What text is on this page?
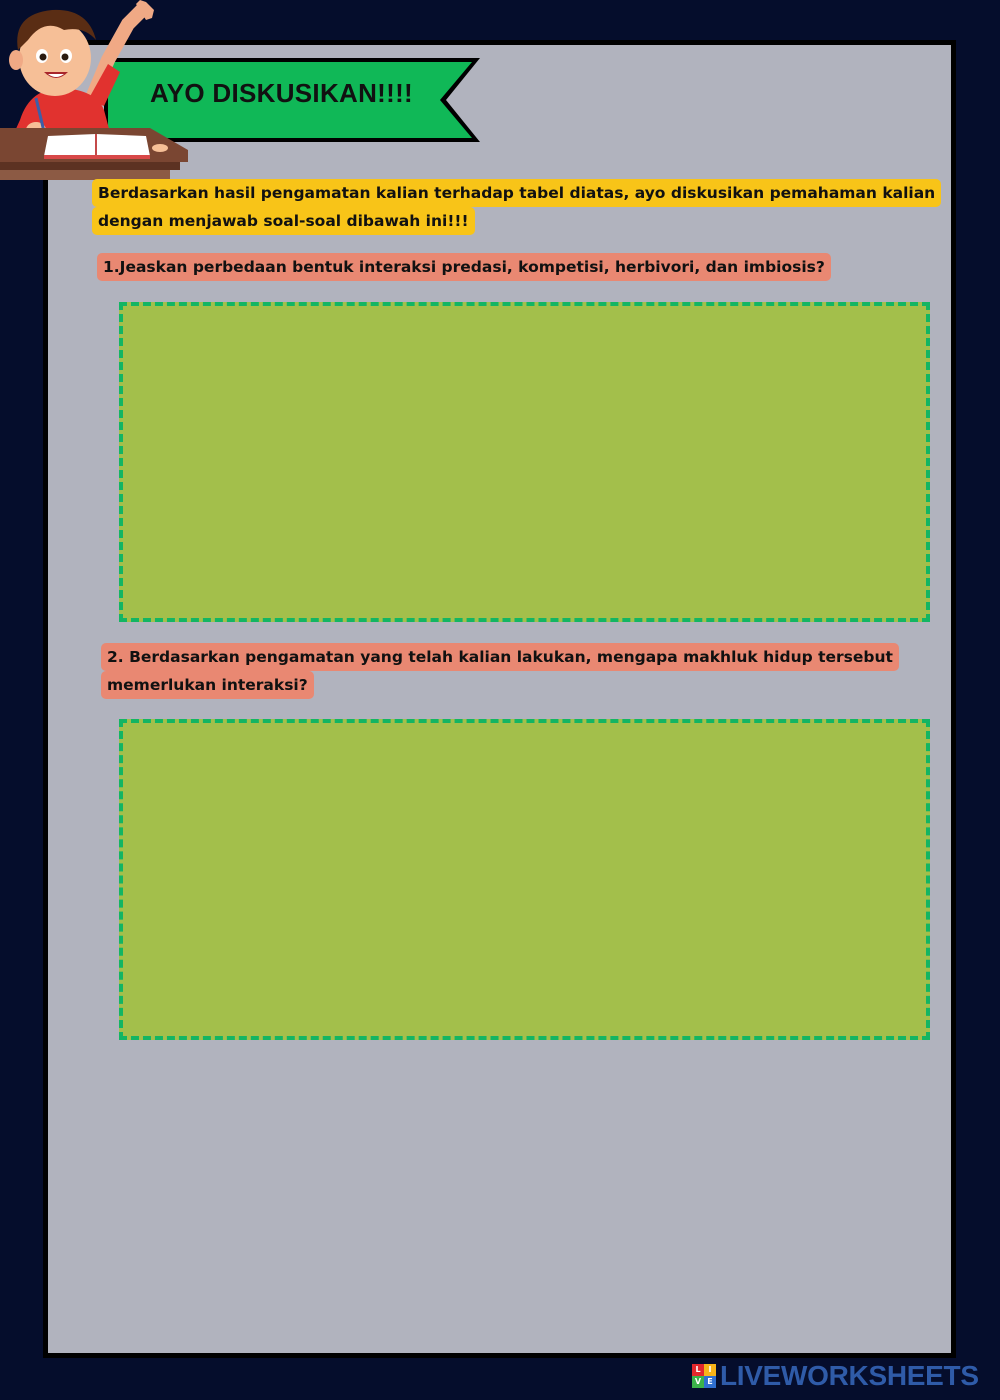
AYO DISKUSIKAN!!!!
Berdasarkan hasil pengamatan kalian terhadap tabel diatas, ayo diskusikan pemahaman kalian
dengan menjawab soal-soal dibawah ini!!!
1.Jeaskan perbedaan bentuk interaksi predasi, kompetisi, herbivori, dan imbiosis?
2. Berdasarkan pengamatan yang telah kalian lakukan, mengapa makhluk hidup tersebut
memerlukan interaksi?
L I
V E LIVEWORKSHEETS
